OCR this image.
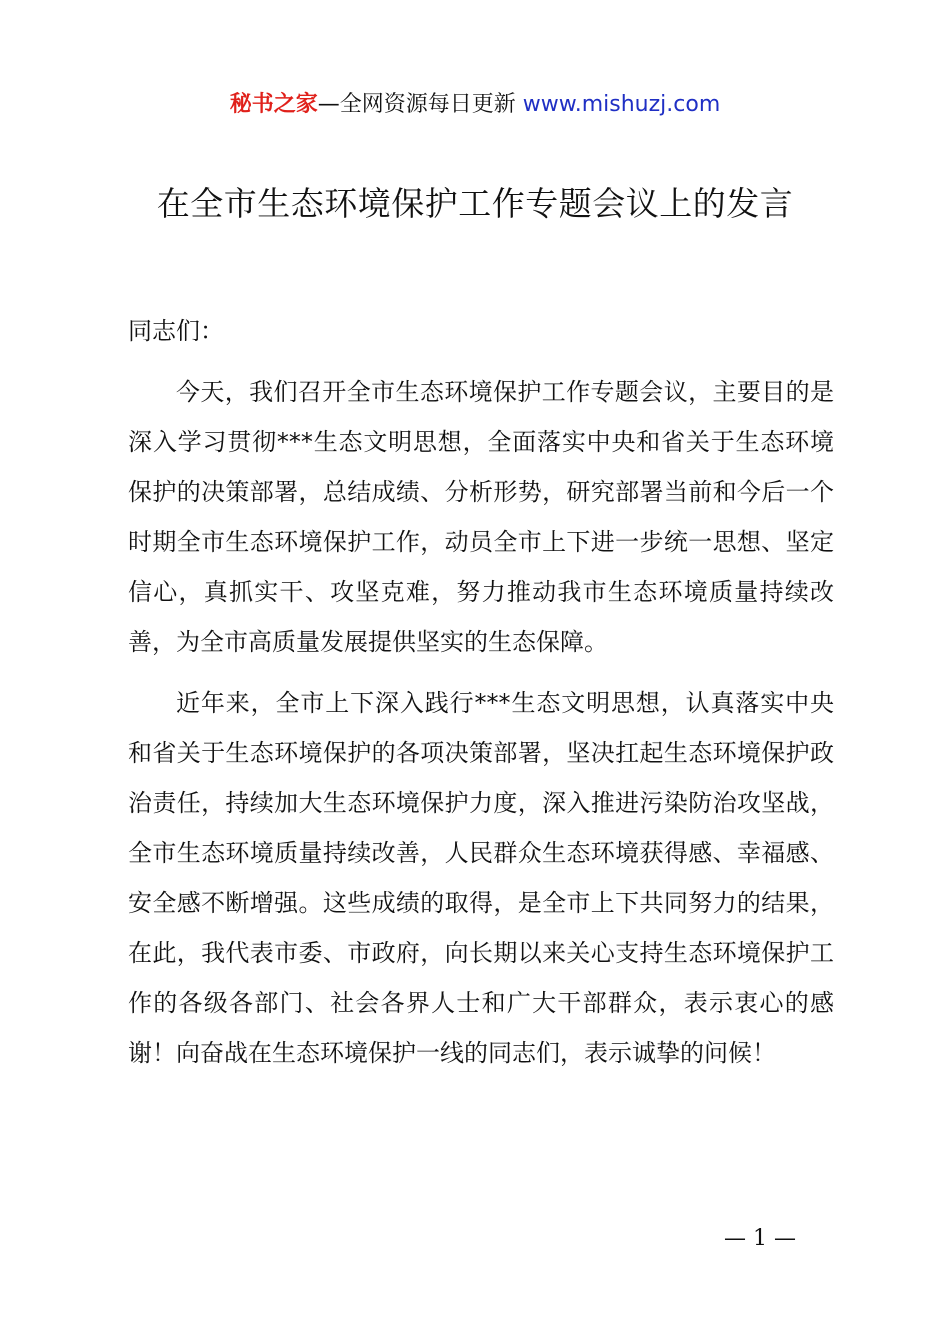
秘书之家—全网资源每日更新 www.mishuzj.com
在全市生态环境保护工作专题会议上的发言

同志们：

今天，我们召开全市生态环境保护工作专题会议，主要目的是深入学习贯彻***生态文明思想，全面落实中央和省关于生态环境保护的决策部署，总结成绩、分析形势，研究部署当前和今后一个时期全市生态环境保护工作，动员全市上下进一步统一思想、坚定信心，真抓实干、攻坚克难，努力推动我市生态环境质量持续改善，为全市高质量发展提供坚实的生态保障。

近年来，全市上下深入践行***生态文明思想，认真落实中央和省关于生态环境保护的各项决策部署，坚决扛起生态环境保护政治责任，持续加大生态环境保护力度，深入推进污染防治攻坚战，全市生态环境质量持续改善，人民群众生态环境获得感、幸福感、安全感不断增强。这些成绩的取得，是全市上下共同努力的结果，在此，我代表市委、市政府，向长期以来关心支持生态环境保护工作的各级各部门、社会各界人士和广大干部群众，表示衷心的感谢！向奋战在生态环境保护一线的同志们，表示诚挚的问候！

— 1 —
